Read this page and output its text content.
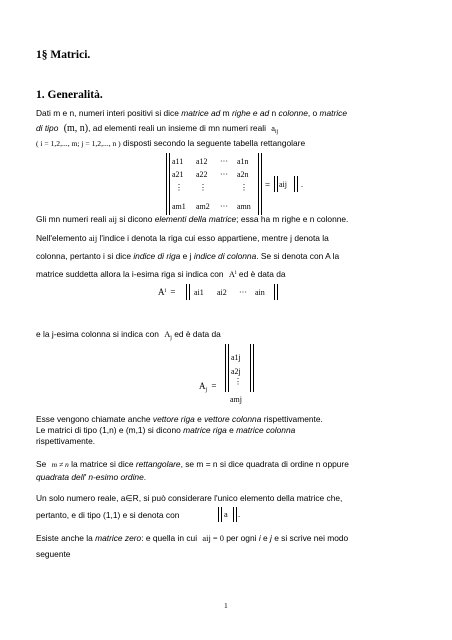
1§ Matrici.
1. Generalità.
Dati m e n, numeri interi positivi si dice matrice ad m righe e ad n colonne, o matrice
di tipo (m, n), ad elementi reali un insieme di mn numeri reali $a_{ij}$
( i = 1,2,..., m; j = 1,2,..., n ) disposti secondo la seguente tabella rettangolare
a11 a12 ··· a1n
a21 a22 ··· a2n
⋮ ⋮	⋮
am1 am2 ··· amn
= aij .
Gli mn numeri reali aij si dicono elementi della matrice; essa ha m righe e n colonne.
Nell'elemento aij l'indice i denota la riga cui esso appartiene, mentre j denota la
colonna, pertanto i si dice indice di riga e j indice di colonna. Se si denota con A la
matrice suddetta allora la i-esima riga si indica con $A^i$ ed è data da
$A^i = ai1$ ai2 ··· ain
e la j-esima colonna si indica con $A_j$ ed è data da
$A_j$ =
a1j
a2j
⋮
amj
Esse vengono chiamate anche vettore riga e vettore colonna rispettivamente.
Le matrici di tipo (1,n) e (m,1) si dicono matrice riga e matrice colonna
rispettivamente.
Se m ≠ n la matrice si dice rettangolare, se m = n si dice quadrata di ordine n oppure
quadrata dell' n-esimo ordine.
Un solo numero reale, a∈R, si può considerare l'unico elemento della matrice che,
pertanto, e di tipo (1,1) e si denota con	a .
Esiste anche la matrice zero: e quella in cui aij = 0 per ogni i e j e si scrive nei modo
seguente
1
